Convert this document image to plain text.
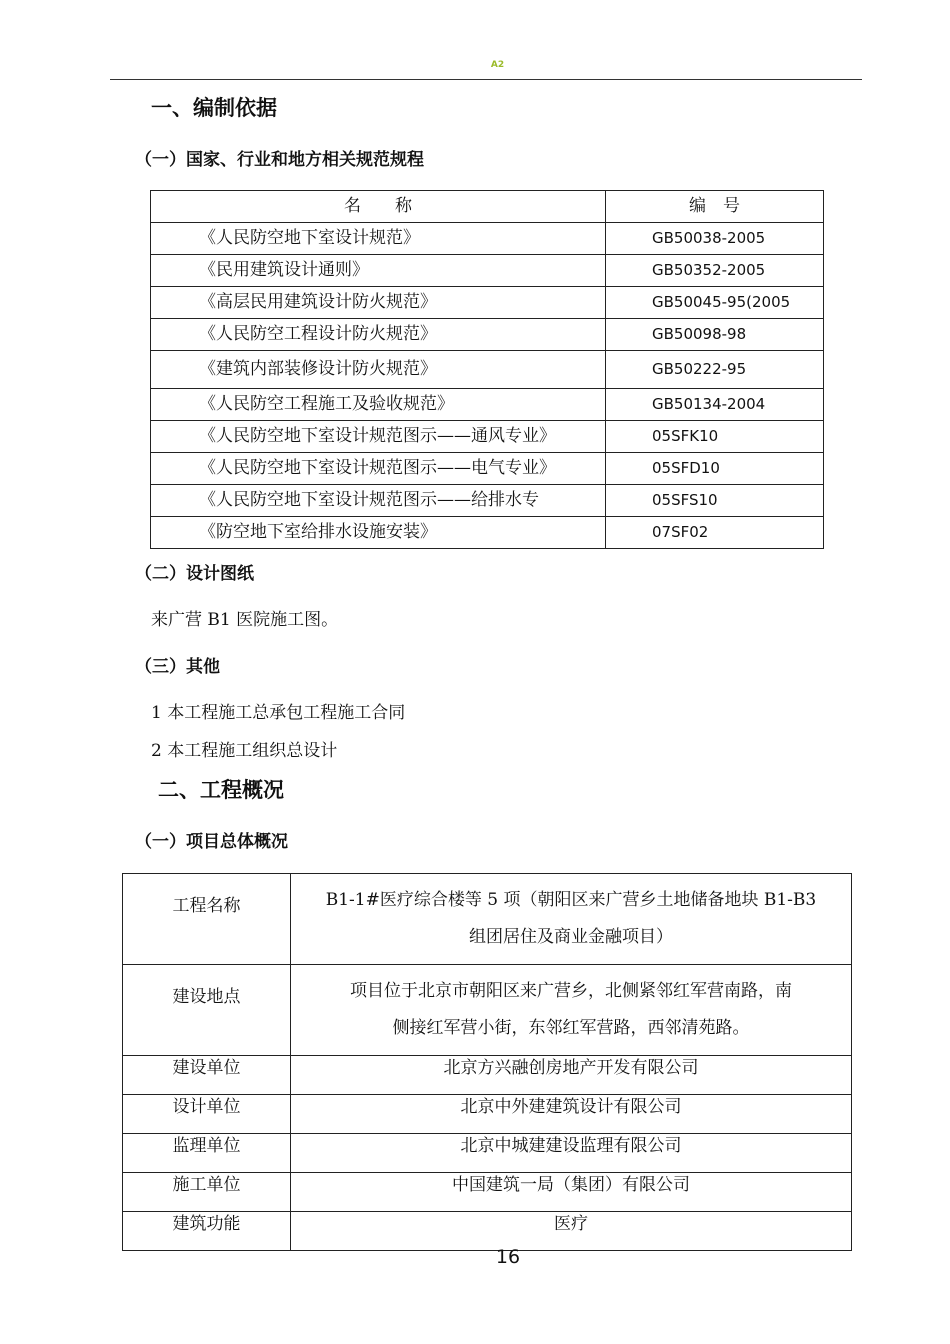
A2
一、编制依据
（一）国家、行业和地方相关规范规程
名　　称	编　号
《人民防空地下室设计规范》	GB50038-2005
《民用建筑设计通则》	GB50352-2005
《高层民用建筑设计防火规范》	GB50045-95(2005
《人民防空工程设计防火规范》	GB50098-98
《建筑内部装修设计防火规范》	GB50222-95
《人民防空工程施工及验收规范》	GB50134-2004
《人民防空地下室设计规范图示——通风专业》	05SFK10
《人民防空地下室设计规范图示——电气专业》	05SFD10
《人民防空地下室设计规范图示——给排水专	05SFS10
《防空地下室给排水设施安装》	07SF02
（二）设计图纸
来广营 B1 医院施工图。
（三）其他
1 本工程施工总承包工程施工合同
2 本工程施工组织总设计
二、工程概况
（一）项目总体概况
工程名称	B1-1#医疗综合楼等 5 项（朝阳区来广营乡土地储备地块 B1-B3
组团居住及商业金融项目）

建设地点	项目位于北京市朝阳区来广营乡，北侧紧邻红军营南路，南
侧接红军营小街，东邻红军营路，西邻清苑路。

建设单位	北京方兴融创房地产开发有限公司
设计单位	北京中外建建筑设计有限公司
监理单位	北京中城建建设监理有限公司
施工单位	中国建筑一局（集团）有限公司
建筑功能	医疗
16
